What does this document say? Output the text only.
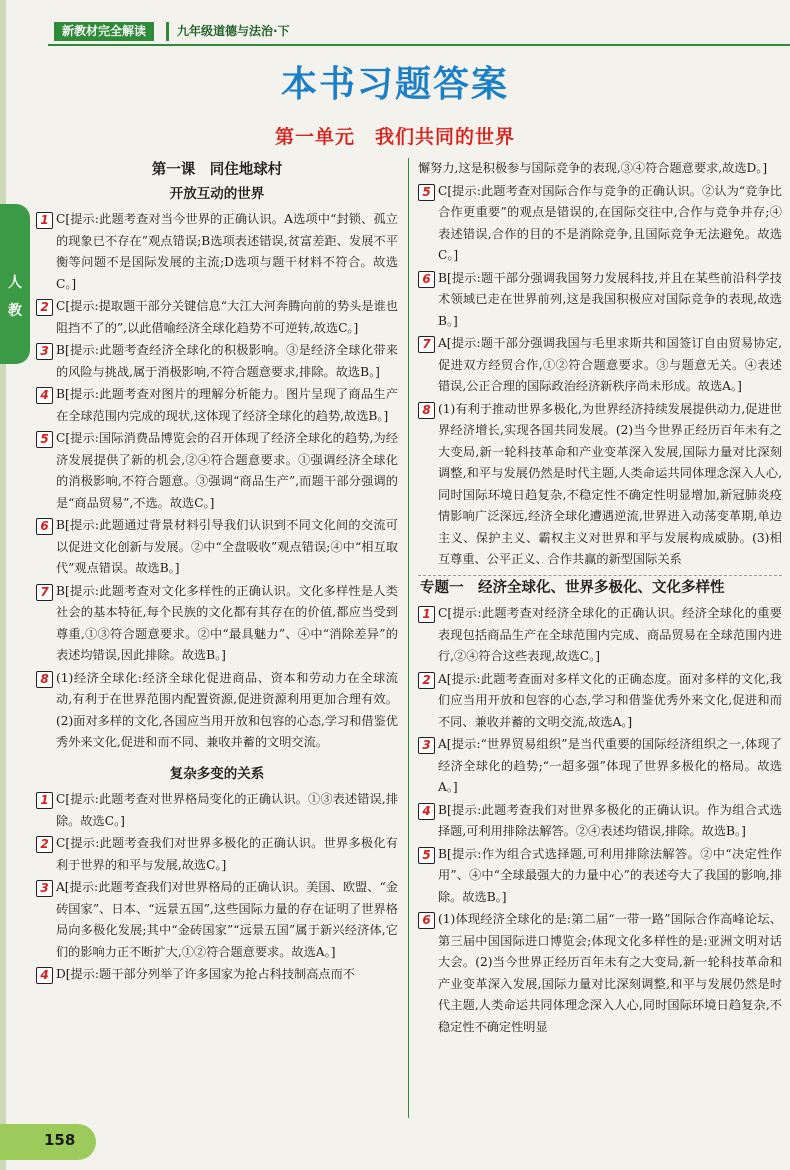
新教材完全解读	九年级道德与法治·下
本书习题答案
第一单元　我们共同的世界
人
教
第一课　同住地球村
开放互动的世界
1 C[提示:此题考查对当今世界的正确认识。A选项中“封锁、孤立的现象已不存在”观点错误;B选项表述错误,贫富差距、发展不平衡等问题不是国际发展的主流;D选项与题干材料不符合。故选C。]
2 C[提示:提取题干部分关键信息“大江大河奔腾向前的势头是谁也阻挡不了的”,以此借喻经济全球化趋势不可逆转,故选C。]
3 B[提示:此题考查经济全球化的积极影响。③是经济全球化带来的风险与挑战,属于消极影响,不符合题意要求,排除。故选B。]
4 B[提示:此题考查对图片的理解分析能力。图片呈现了商品生产在全球范围内完成的现状,这体现了经济全球化的趋势,故选B。]
5 C[提示:国际消费品博览会的召开体现了经济全球化的趋势,为经济发展提供了新的机会,②④符合题意要求。①强调经济全球化的消极影响,不符合题意。③强调“商品生产”,而题干部分强调的是“商品贸易”,不选。故选C。]
6 B[提示:此题通过背景材料引导我们认识到不同文化间的交流可以促进文化创新与发展。②中“全盘吸收”观点错误;④中“相互取代”观点错误。故选B。]
7 B[提示:此题考查对文化多样性的正确认识。文化多样性是人类社会的基本特征,每个民族的文化都有其存在的价值,都应当受到尊重,①③符合题意要求。②中“最具魅力”、④中“消除差异”的表述均错误,因此排除。故选B。]
8 (1)经济全球化:经济全球化促进商品、资本和劳动力在全球流动,有利于在世界范围内配置资源,促进资源利用更加合理有效。(2)面对多样的文化,各国应当用开放和包容的心态,学习和借鉴优秀外来文化,促进和而不同、兼收并蓄的文明交流。
复杂多变的关系
1 C[提示:此题考查对世界格局变化的正确认识。①③表述错误,排除。故选C。]
2 C[提示:此题考查我们对世界多极化的正确认识。世界多极化有利于世界的和平与发展,故选C。]
3 A[提示:此题考查我们对世界格局的正确认识。美国、欧盟、“金砖国家”、日本、“远景五国”,这些国际力量的存在证明了世界格局向多极化发展;其中“金砖国家”“远景五国”属于新兴经济体,它们的影响力正不断扩大,①②符合题意要求。故选A。]
4 D[提示:题干部分列举了许多国家为抢占科技制高点而不
懈努力,这是积极参与国际竞争的表现,③④符合题意要求,故选D。]
5 C[提示:此题考查对国际合作与竞争的正确认识。②认为“竞争比合作更重要”的观点是错误的,在国际交往中,合作与竞争并存;④表述错误,合作的目的不是消除竞争,且国际竞争无法避免。故选C。]
6 B[提示:题干部分强调我国努力发展科技,并且在某些前沿科学技术领域已走在世界前列,这是我国积极应对国际竞争的表现,故选B。]
7 A[提示:题干部分强调我国与毛里求斯共和国签订自由贸易协定,促进双方经贸合作,①②符合题意要求。③与题意无关。④表述错误,公正合理的国际政治经济新秩序尚未形成。故选A。]
8 (1)有利于推动世界多极化,为世界经济持续发展提供动力,促进世界经济增长,实现各国共同发展。(2)当今世界正经历百年未有之大变局,新一轮科技革命和产业变革深入发展,国际力量对比深刻调整,和平与发展仍然是时代主题,人类命运共同体理念深入人心,同时国际环境日趋复杂,不稳定性不确定性明显增加,新冠肺炎疫情影响广泛深远,经济全球化遭遇逆流,世界进入动荡变革期,单边主义、保护主义、霸权主义对世界和平与发展构成威胁。(3)相互尊重、公平正义、合作共赢的新型国际关系
专题一　经济全球化、世界多极化、文化多样性
1 C[提示:此题考查对经济全球化的正确认识。经济全球化的重要表现包括商品生产在全球范围内完成、商品贸易在全球范围内进行,②④符合这些表现,故选C。]
2 A[提示:此题考查面对多样文化的正确态度。面对多样的文化,我们应当用开放和包容的心态,学习和借鉴优秀外来文化,促进和而不同、兼收并蓄的文明交流,故选A。]
3 A[提示:“世界贸易组织”是当代重要的国际经济组织之一,体现了经济全球化的趋势;“一超多强”体现了世界多极化的格局。故选A。]
4 B[提示:此题考查我们对世界多极化的正确认识。作为组合式选择题,可利用排除法解答。②④表述均错误,排除。故选B。]
5 B[提示:作为组合式选择题,可利用排除法解答。②中“决定性作用”、④中“全球最强大的力量中心”的表述夸大了我国的影响,排除。故选B。]
6 (1)体现经济全球化的是:第二届“一带一路”国际合作高峰论坛、第三届中国国际进口博览会;体现文化多样性的是:亚洲文明对话大会。(2)当今世界正经历百年未有之大变局,新一轮科技革命和产业变革深入发展,国际力量对比深刻调整,和平与发展仍然是时代主题,人类命运共同体理念深入人心,同时国际环境日趋复杂,不稳定性不确定性明显
158
